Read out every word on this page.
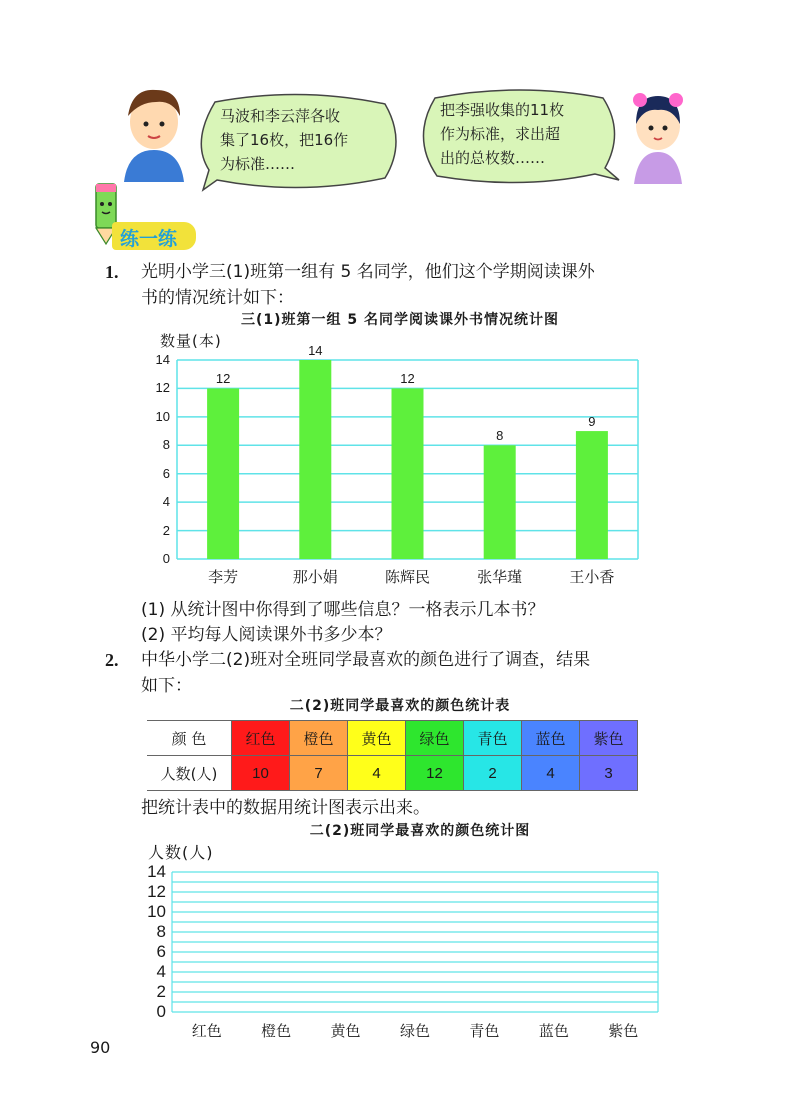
马波和李云萍各收
集了16枚，把16作
为标准……
把李强收集的11枚
作为标准，求出超
出的总枚数……
练一练
1. 光明小学三(1)班第一组有 5 名同学，他们这个学期阅读课外
书的情况统计如下：
三(1)班第一组 5 名同学阅读课外书情况统计图
数量(本)
0
2
4
6
8
10
12
14
12
李芳
14
那小娟
12
陈辉民
8
张华瑾
9
王小香
(1) 从统计图中你得到了哪些信息？一格表示几本书？
(2) 平均每人阅读课外书多少本？
2. 中华小学二(2)班对全班同学最喜欢的颜色进行了调查，结果
如下：
二(2)班同学最喜欢的颜色统计表
颜 色	红色	橙色	黄色	绿色	青色	蓝色	紫色
人数(人)	10	7	4	12	2	4	3
把统计表中的数据用统计图表示出来。
二(2)班同学最喜欢的颜色统计图
人数(人)
0
2
4
6
8
10
12
14
红色	橙色	黄色	绿色	青色	蓝色	紫色
90
